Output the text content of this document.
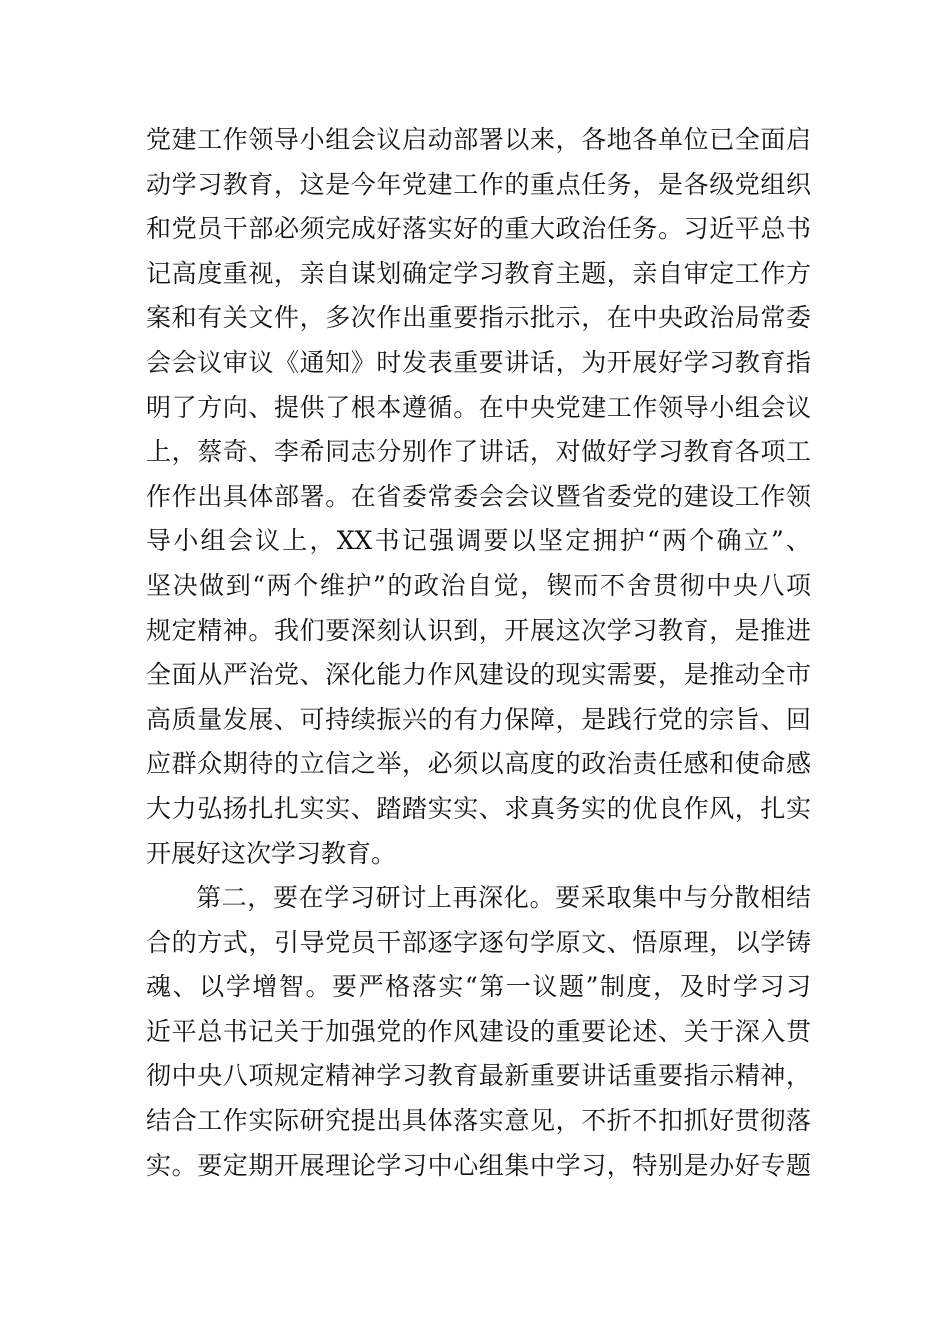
党建工作领导小组会议启动部署以来，各地各单位已全面启
动学习教育，这是今年党建工作的重点任务，是各级党组织
和党员干部必须完成好落实好的重大政治任务。习近平总书
记高度重视，亲自谋划确定学习教育主题，亲自审定工作方
案和有关文件，多次作出重要指示批示，在中央政治局常委
会会议审议《通知》时发表重要讲话，为开展好学习教育指
明了方向、提供了根本遵循。在中央党建工作领导小组会议
上，蔡奇、李希同志分别作了讲话，对做好学习教育各项工
作作出具体部署。在省委常委会会议暨省委党的建设工作领
导小组会议上，XX书记强调要以坚定拥护“两个确立”、
坚决做到“两个维护”的政治自觉，锲而不舍贯彻中央八项
规定精神。我们要深刻认识到，开展这次学习教育，是推进
全面从严治党、深化能力作风建设的现实需要，是推动全市
高质量发展、可持续振兴的有力保障，是践行党的宗旨、回
应群众期待的立信之举，必须以高度的政治责任感和使命感
大力弘扬扎扎实实、踏踏实实、求真务实的优良作风，扎实
开展好这次学习教育。
第二，要在学习研讨上再深化。要采取集中与分散相结
合的方式，引导党员干部逐字逐句学原文、悟原理，以学铸
魂、以学增智。要严格落实“第一议题”制度，及时学习习
近平总书记关于加强党的作风建设的重要论述、关于深入贯
彻中央八项规定精神学习教育最新重要讲话重要指示精神，
结合工作实际研究提出具体落实意见，不折不扣抓好贯彻落
实。要定期开展理论学习中心组集中学习，特别是办好专题
